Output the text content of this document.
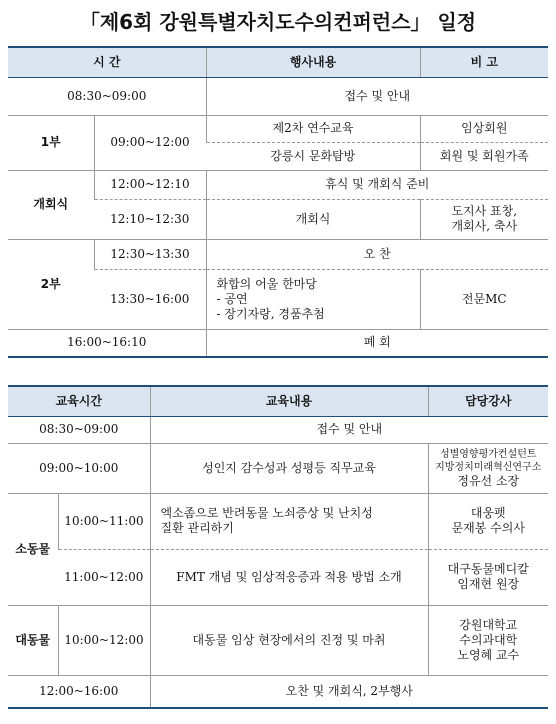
「제6회 강원특별자치도수의컨퍼런스」 일정
시 간		행사내용	비 고
08:30~09:00		접수 및 안내	
1부	09:00~12:00	제2차 연수교육	임상회원
		강릉시 문화탐방	회원 및 회원가족
개회식	12:00~12:10	휴식 및 개회식 준비	
	12:10~12:30	개회식	도지사 표창,
개회사, 축사

2부	12:30~13:30	오 찬	
	13:30~16:00	화합의 어울 한마당
- 공연
- 장기자랑, 경품추첨	전문MC
16:00~16:10		폐 회	
교육시간		교육내용	담당강사
08:30~09:00		접수 및 안내	
09:00~10:00		성인지 감수성과 성평등 직무교육	성별영향평가컨설턴트
지방정치미래혁신연구소
정유선 소장

소동물	10:00~11:00	엑소좀으로 반려동물 노쇠증상 및 난치성
질환 관리하기	대웅펫
문재봉 수의사

	11:00~12:00	FMT 개념 및 임상적응증과 적용 방법 소개	대구동물메디칼
임재현 원장

대동물	10:00~12:00	대동물 임상 현장에서의 진정 및 마취	강원대학교
수의과대학
노영혜 교수

12:00~16:00		오찬 및 개회식, 2부행사	
